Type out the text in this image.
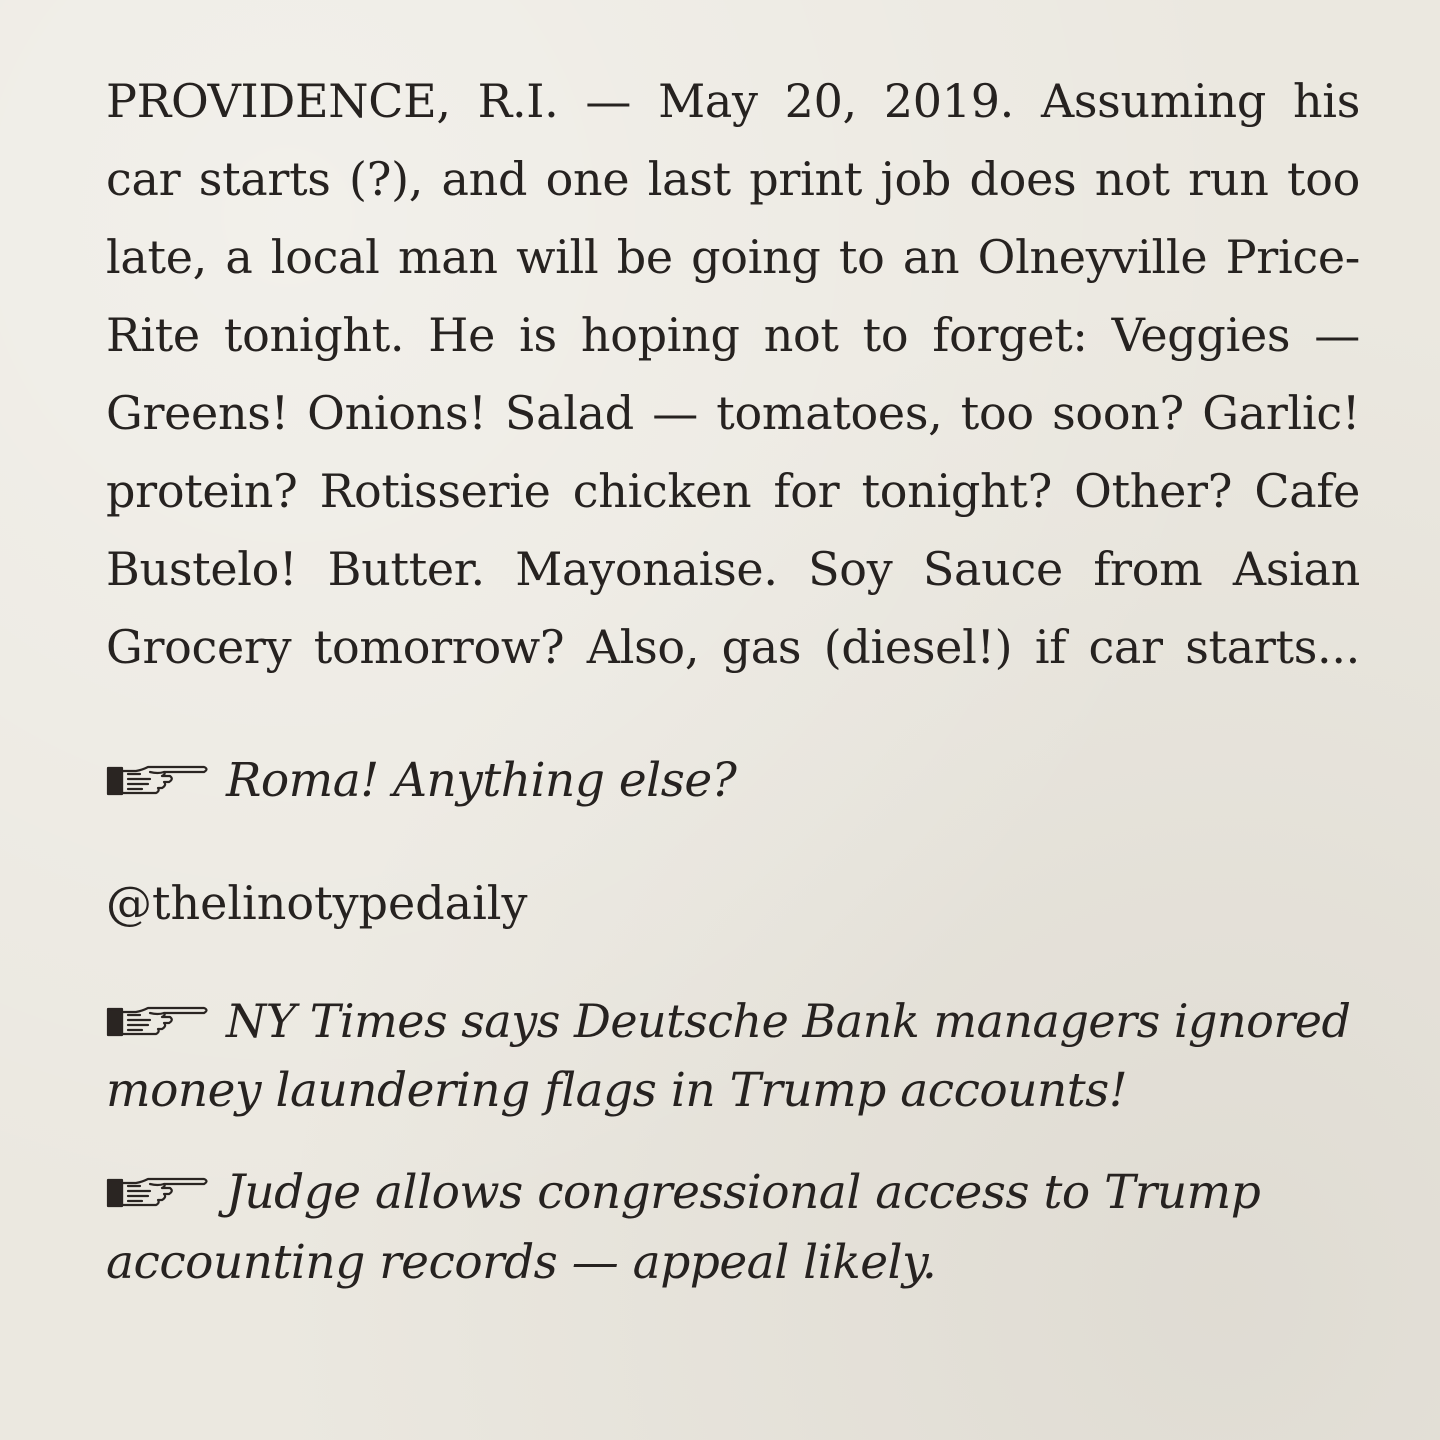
PROVIDENCE, R.I. — May 20, 2019. Assuming his
car starts (?), and one last print job does not run too
late, a local man will be going to an Olneyville Price-
Rite tonight. He is hoping not to forget: Veggies —
Greens! Onions! Salad — tomatoes, too soon? Garlic!
protein? Rotisserie chicken for tonight? Other? Cafe
Bustelo! Butter. Mayonaise. Soy Sauce from Asian
Grocery tomorrow? Also, gas (diesel!) if car starts...
Roma! Anything else?
@thelinotypedaily
NY Times says Deutsche Bank managers ignored
money laundering flags in Trump accounts!
Judge allows congressional access to Trump
accounting records — appeal likely.
